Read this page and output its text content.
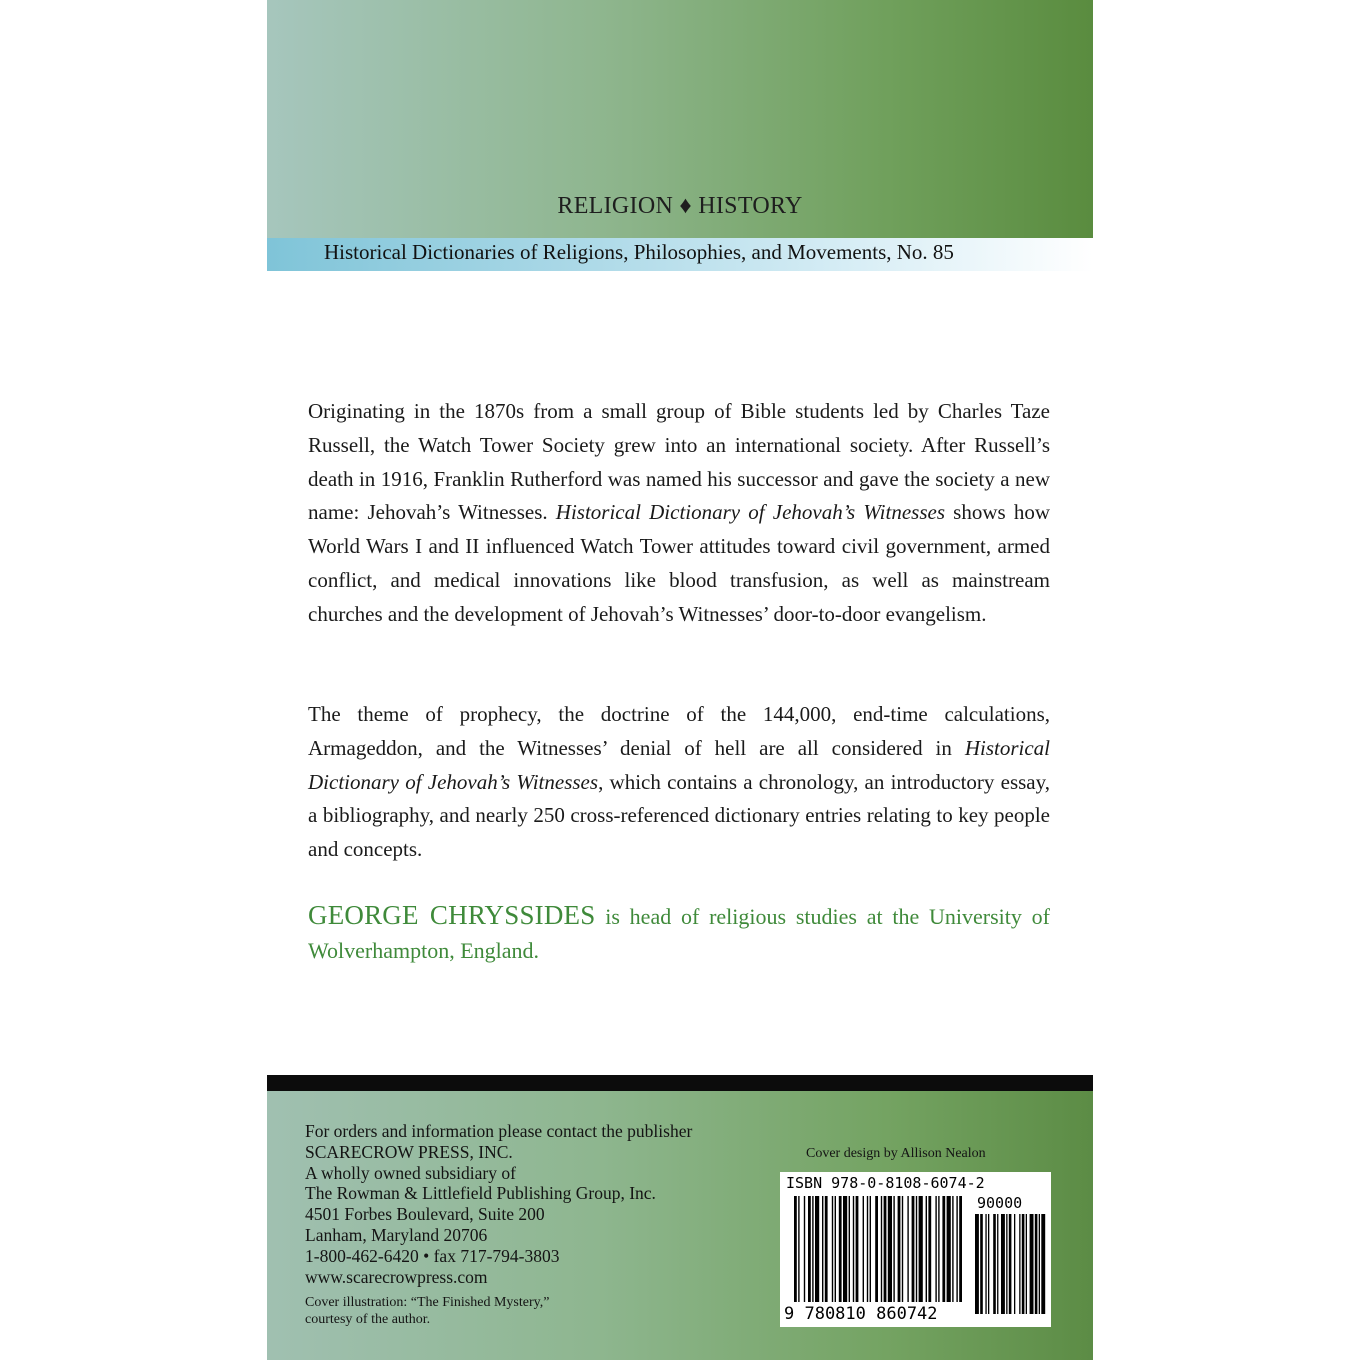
RELIGION ♦ HISTORY
Historical Dictionaries of Religions, Philosophies, and Movements, No. 85

Originating in the 1870s from a small group of Bible students led by Charles Taze Russell, the Watch Tower Society grew into an international society. After Russell’s death in 1916, Franklin Rutherford was named his successor and gave the society a new name: Jehovah’s Witnesses. Historical Dictionary of Jehovah’s Witnesses shows how World Wars I and II influenced Watch Tower attitudes toward civil government, armed conflict, and medical innovations like blood transfusion, as well as mainstream churches and the development of Jehovah’s Witnesses’ door-to-door evangelism.

The theme of prophecy, the doctrine of the 144,000, end-time calculations, Armageddon, and the Witnesses’ denial of hell are all considered in Historical Dictionary of Jehovah’s Witnesses, which contains a chronology, an introductory essay, a bibliography, and nearly 250 cross-referenced dictionary entries relating to key people and concepts.

GEORGE CHRYSSIDES is head of religious studies at the University of Wolverhampton, England.

For orders and information please contact the publisher
SCARECROW PRESS, INC.
A wholly owned subsidiary of
The Rowman & Littlefield Publishing Group, Inc.
4501 Forbes Boulevard, Suite 200
Lanham, Maryland 20706
1-800-462-6420 • fax 717-794-3803
www.scarecrowpress.com
Cover illustration: “The Finished Mystery,”
courtesy of the author.
Cover design by Allison Nealon
ISBN 978-0-8108-6074-2
90000
9 780810 860742
